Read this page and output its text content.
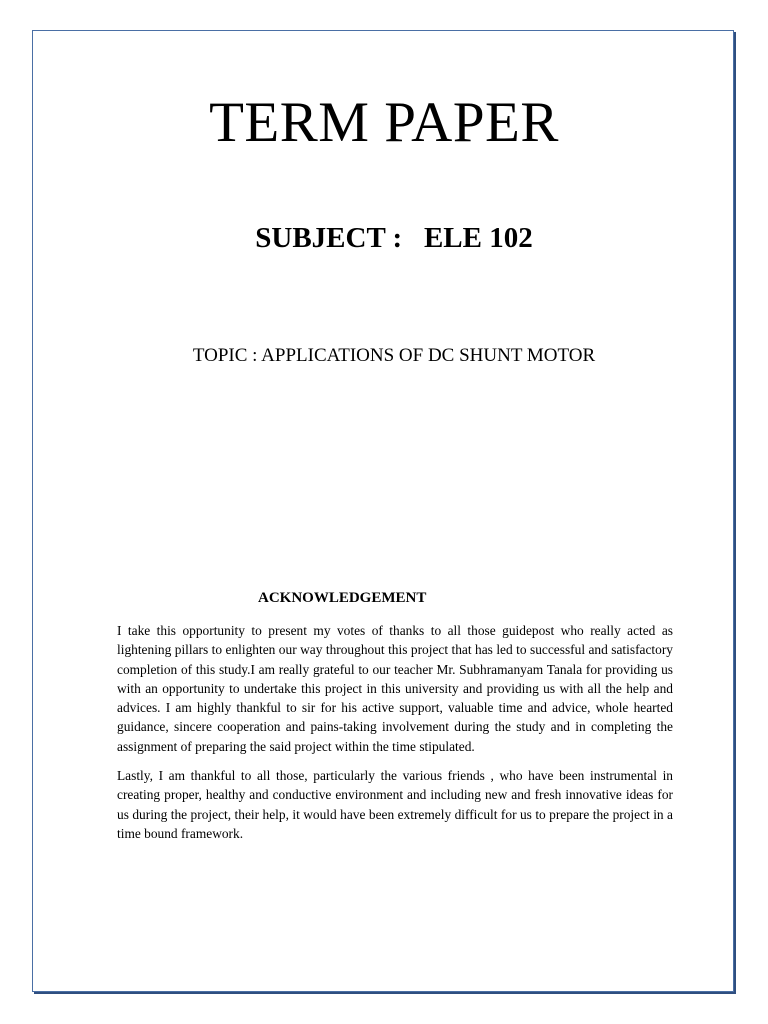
TERM PAPER
SUBJECT :   ELE 102
TOPIC : APPLICATIONS OF DC SHUNT MOTOR
ACKNOWLEDGEMENT

I take this opportunity to present my votes of thanks to all those guidepost who really acted as lightening pillars to enlighten our way throughout this project that has led to successful and satisfactory completion of this study.I am really grateful to our teacher Mr. Subhramanyam Tanala for providing us with an opportunity to undertake this project in this university and providing us with all the help and advices. I am highly thankful to sir for his active support, valuable time and advice, whole hearted guidance, sincere cooperation and pains-taking involvement during the study and in completing the assignment of preparing the said project within the time stipulated.

Lastly, I am thankful to all those, particularly the various friends , who have been instrumental in creating proper, healthy and conductive environment and including new and fresh innovative ideas for us during the project, their help, it would have been extremely difficult for us to prepare the project in a time bound framework.
